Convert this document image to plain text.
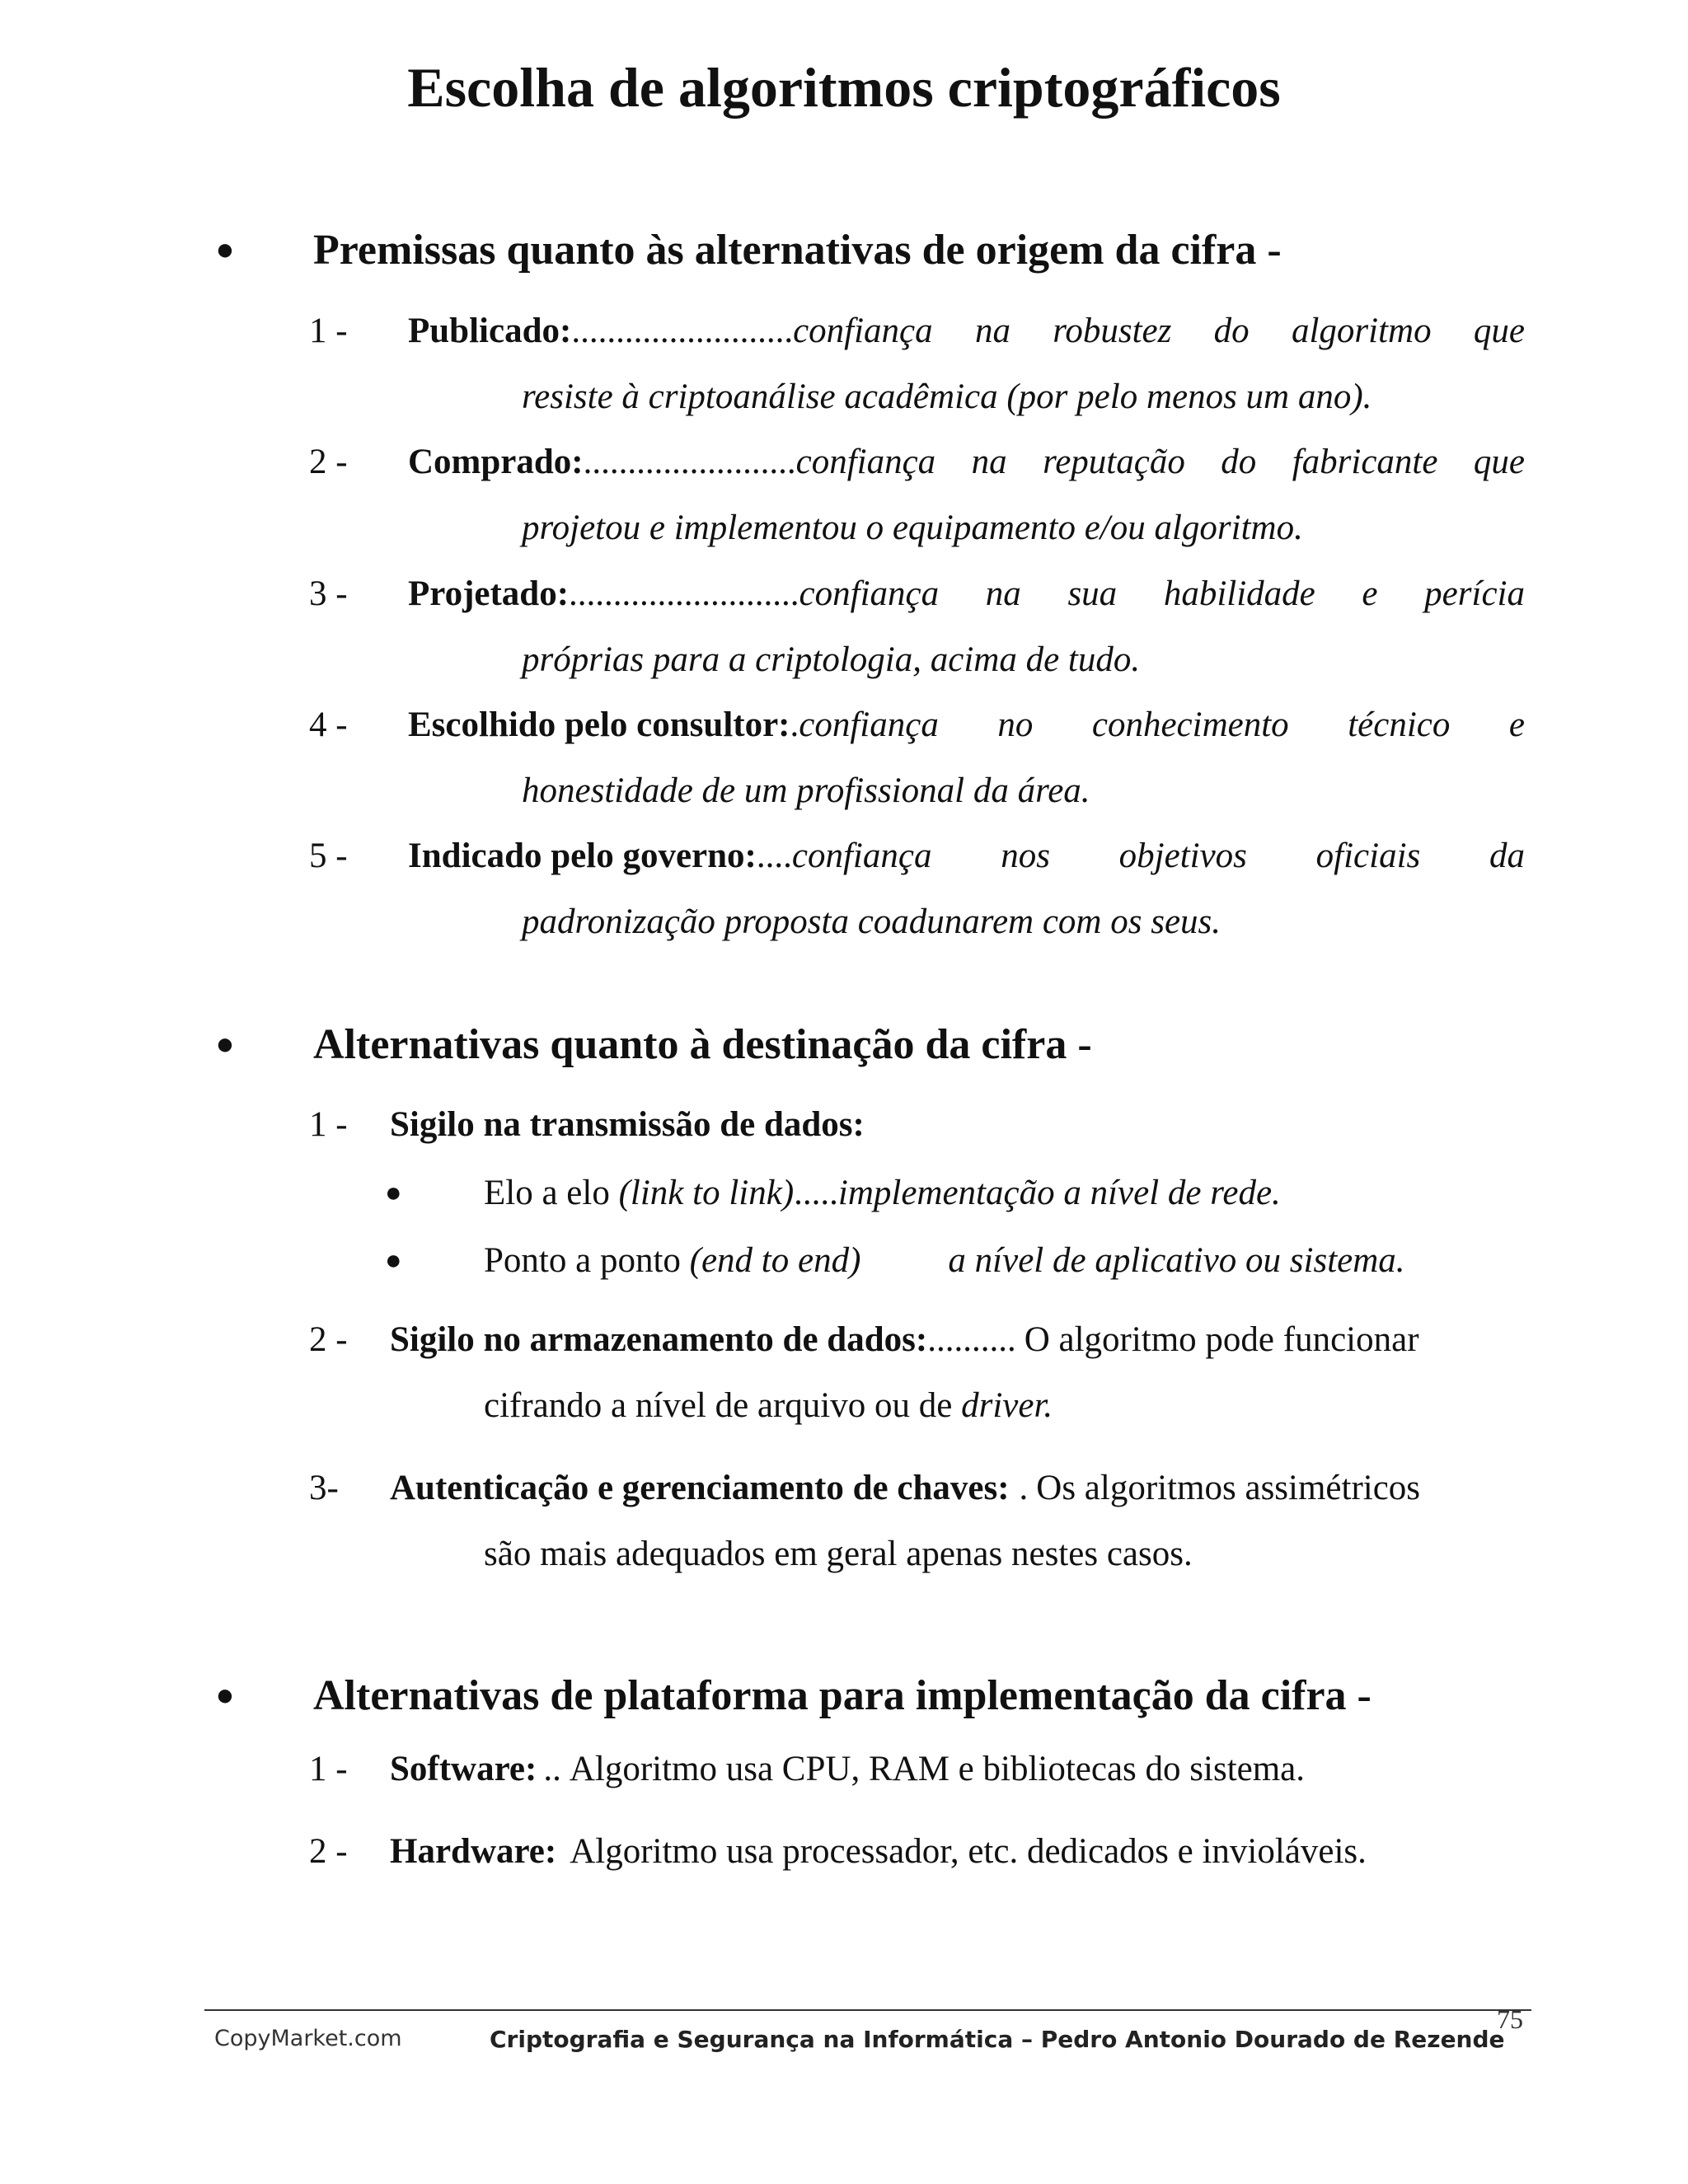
Escolha de algoritmos criptográficos
● Premissas quanto às alternativas de origem da cifra -
1 - Publicado: ......................... confiança na robustez do algoritmo que
resiste à criptoanálise acadêmica (por pelo menos um ano).
2 - Comprado: ........................ confiança na reputação do fabricante que
projetou e implementou o equipamento e/ou algoritmo.
3 - Projetado: .......................... confiança na sua habilidade e perícia
próprias para a criptologia, acima de tudo.
4 - Escolhido pelo consultor: . confiança no conhecimento técnico e
honestidade de um profissional da área.
5 - Indicado pelo governo: .... confiança nos objetivos oficiais da
padronização proposta coadunarem com os seus.
● Alternativas quanto à destinação da cifra -
1 - Sigilo na transmissão de dados:
● Elo a elo (link to link).....implementação a nível de rede.
● Ponto a ponto (end to end) a nível de aplicativo ou sistema.
2 - Sigilo no armazenamento de dados: .......... O algoritmo pode funcionar
cifrando a nível de arquivo ou de driver.
3- Autenticação e gerenciamento de chaves: . Os algoritmos assimétricos
são mais adequados em geral apenas nestes casos.
● Alternativas de plataforma para implementação da cifra -
1 - Software: .. Algoritmo usa CPU, RAM e bibliotecas do sistema.
2 - Hardware: Algoritmo usa processador, etc. dedicados e invioláveis.
CopyMarket.com	Criptografia e Segurança na Informática – Pedro Antonio Dourado de Rezende
75
